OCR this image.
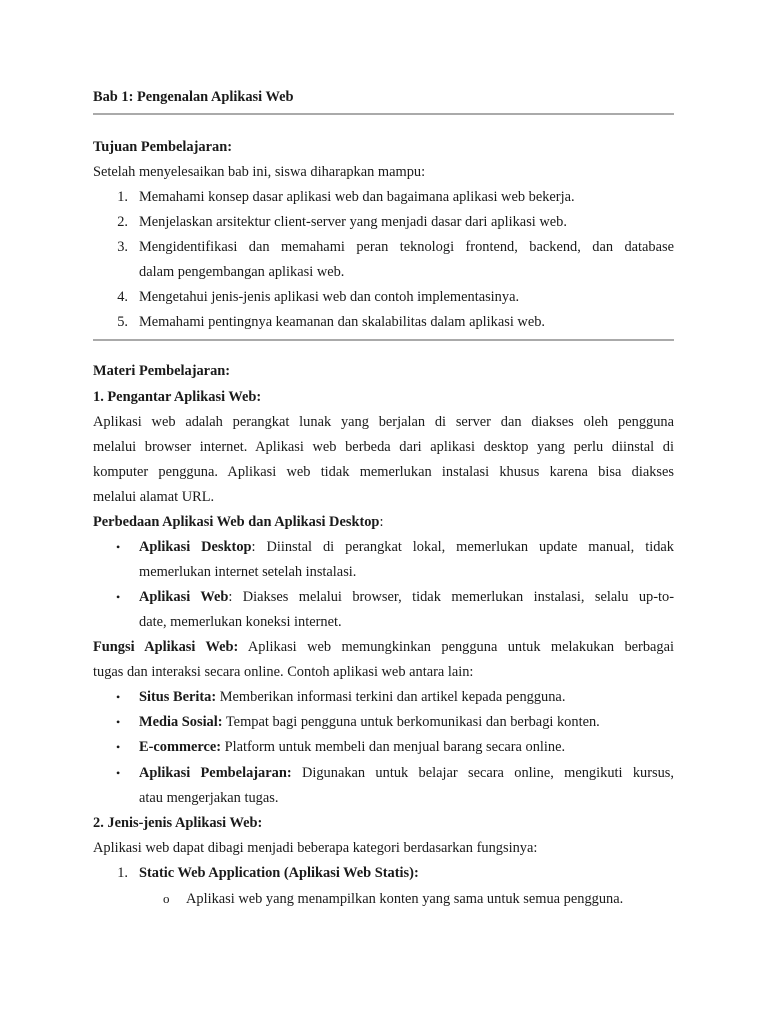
Bab 1: Pengenalan Aplikasi Web
Tujuan Pembelajaran:
Setelah menyelesaikan bab ini, siswa diharapkan mampu:
1. Memahami konsep dasar aplikasi web dan bagaimana aplikasi web bekerja.
2. Menjelaskan arsitektur client-server yang menjadi dasar dari aplikasi web.
3. Mengidentifikasi dan memahami peran teknologi frontend, backend, dan database
dalam pengembangan aplikasi web.
4. Mengetahui jenis-jenis aplikasi web dan contoh implementasinya.
5. Memahami pentingnya keamanan dan skalabilitas dalam aplikasi web.
Materi Pembelajaran:
1. Pengantar Aplikasi Web:
Aplikasi web adalah perangkat lunak yang berjalan di server dan diakses oleh pengguna
melalui browser internet. Aplikasi web berbeda dari aplikasi desktop yang perlu diinstal di
komputer pengguna. Aplikasi web tidak memerlukan instalasi khusus karena bisa diakses
melalui alamat URL.
Perbedaan Aplikasi Web dan Aplikasi Desktop:
• Aplikasi Desktop: Diinstal di perangkat lokal, memerlukan update manual, tidak
memerlukan internet setelah instalasi.
• Aplikasi Web: Diakses melalui browser, tidak memerlukan instalasi, selalu up-to-
date, memerlukan koneksi internet.
Fungsi Aplikasi Web: Aplikasi web memungkinkan pengguna untuk melakukan berbagai
tugas dan interaksi secara online. Contoh aplikasi web antara lain:
• Situs Berita: Memberikan informasi terkini dan artikel kepada pengguna.
• Media Sosial: Tempat bagi pengguna untuk berkomunikasi dan berbagi konten.
• E-commerce: Platform untuk membeli dan menjual barang secara online.
• Aplikasi Pembelajaran: Digunakan untuk belajar secara online, mengikuti kursus,
atau mengerjakan tugas.
2. Jenis-jenis Aplikasi Web:
Aplikasi web dapat dibagi menjadi beberapa kategori berdasarkan fungsinya:
1. Static Web Application (Aplikasi Web Statis):
o Aplikasi web yang menampilkan konten yang sama untuk semua pengguna.
